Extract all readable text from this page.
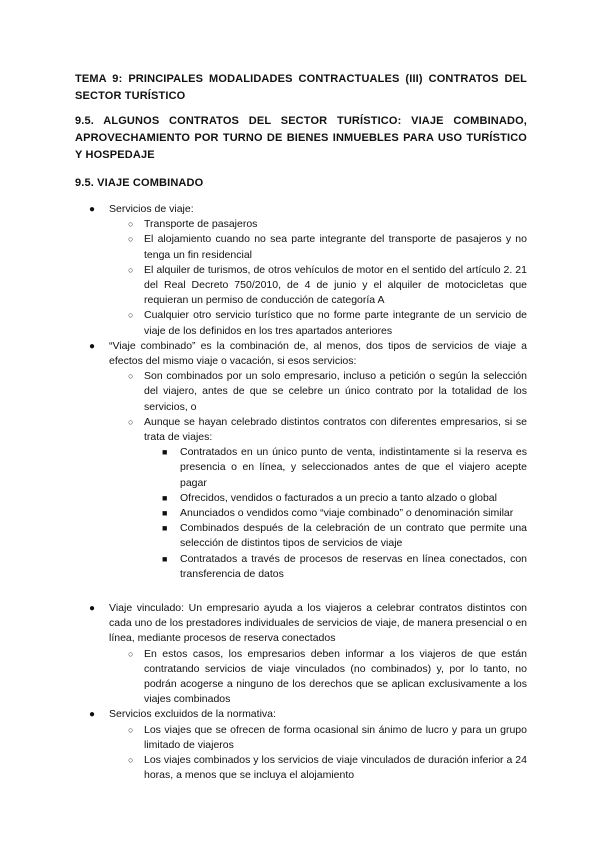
TEMA 9: PRINCIPALES MODALIDADES CONTRACTUALES (III) CONTRATOS DEL SECTOR TURÍSTICO
9.5. ALGUNOS CONTRATOS DEL SECTOR TURÍSTICO: VIAJE COMBINADO, APROVECHAMIENTO POR TURNO DE BIENES INMUEBLES PARA USO TURÍSTICO Y HOSPEDAJE
9.5. VIAJE COMBINADO
● Servicios de viaje:
○ Transporte de pasajeros
○ El alojamiento cuando no sea parte integrante del transporte de pasajeros y no tenga un fin residencial
○ El alquiler de turismos, de otros vehículos de motor en el sentido del artículo 2. 21 del Real Decreto 750/2010, de 4 de junio y el alquiler de motocicletas que requieran un permiso de conducción de categoría A
○ Cualquier otro servicio turístico que no forme parte integrante de un servicio de viaje de los definidos en los tres apartados anteriores
● “Viaje combinado” es la combinación de, al menos, dos tipos de servicios de viaje a efectos del mismo viaje o vacación, si esos servicios:
○ Son combinados por un solo empresario, incluso a petición o según la selección del viajero, antes de que se celebre un único contrato por la totalidad de los servicios, o
○ Aunque se hayan celebrado distintos contratos con diferentes empresarios, si se trata de viajes:
■ Contratados en un único punto de venta, indistintamente si la reserva es presencia o en línea, y seleccionados antes de que el viajero acepte pagar
■ Ofrecidos, vendidos o facturados a un precio a tanto alzado o global
■ Anunciados o vendidos como “viaje combinado” o denominación similar
■ Combinados después de la celebración de un contrato que permite una selección de distintos tipos de servicios de viaje
■ Contratados a través de procesos de reservas en línea conectados, con transferencia de datos
● Viaje vinculado: Un empresario ayuda a los viajeros a celebrar contratos distintos con cada uno de los prestadores individuales de servicios de viaje, de manera presencial o en línea, mediante procesos de reserva conectados
○ En estos casos, los empresarios deben informar a los viajeros de que están contratando servicios de viaje vinculados (no combinados) y, por lo tanto, no podrán acogerse a ninguno de los derechos que se aplican exclusivamente a los viajes combinados
● Servicios excluidos de la normativa:
○ Los viajes que se ofrecen de forma ocasional sin ánimo de lucro y para un grupo limitado de viajeros
○ Los viajes combinados y los servicios de viaje vinculados de duración inferior a 24 horas, a menos que se incluya el alojamiento
